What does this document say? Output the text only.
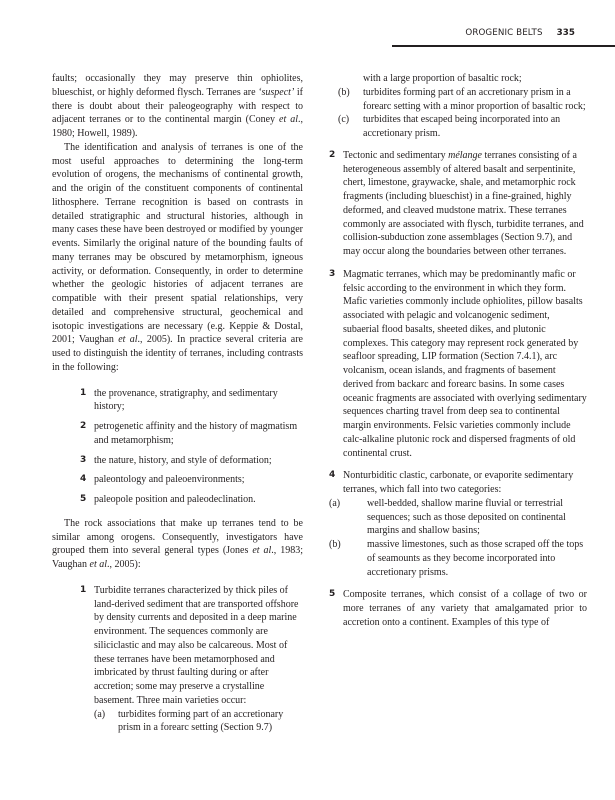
OROGENIC BELTS 335

faults; occasionally they may preserve thin ophiolites, blueschist, or highly deformed flysch. Terranes are ‘suspect’ if there is doubt about their paleogeography with respect to adjacent terranes or to the continental margin (Coney et al., 1980; Howell, 1989).

The identification and analysis of terranes is one of the most useful approaches to determining the long-term evolution of orogens, the mechanisms of continental growth, and the origin of the constituent components of continental lithosphere. Terrane recognition is based on contrasts in detailed stratigraphic and structural histories, although in many cases these have been destroyed or modified by younger events. Similarly the original nature of the bounding faults of many terranes may be obscured by metamorphism, igneous activity, or deformation. Consequently, in order to determine whether the geologic histories of adjacent terranes are compatible with their present spatial relationships, very detailed and comprehensive structural, geochemical and isotopic investigations are necessary (e.g. Keppie & Dostal, 2001; Vaughan et al., 2005). In practice several criteria are used to distinguish the identity of terranes, including contrasts in the following:

1 the provenance, stratigraphy, and sedimentary history;
2 petrogenetic affinity and the history of magmatism and metamorphism;
3 the nature, history, and style of deformation;
4 paleontology and paleoenvironments;
5 paleopole position and paleodeclination.

The rock associations that make up terranes tend to be similar among orogens. Consequently, investigators have grouped them into several general types (Jones et al., 1983; Vaughan et al., 2005):

1 Turbidite terranes characterized by thick piles of land-derived sediment that are transported offshore by density currents and deposited in a deep marine environment. The sequences commonly are siliciclastic and may also be calcareous. Most of these terranes have been metamorphosed and imbricated by thrust faulting during or after accretion; some may preserve a crystalline basement. Three main varieties occur:
(a) turbidites forming part of an accretionary prism in a forearc setting (Section 9.7)
with a large proportion of basaltic rock;
(b) turbidites forming part of an accretionary prism in a forearc setting with a minor proportion of basaltic rock;
(c) turbidites that escaped being incorporated into an accretionary prism.
2 Tectonic and sedimentary mélange terranes consisting of a heterogeneous assembly of altered basalt and serpentinite, chert, limestone, graywacke, shale, and metamorphic rock fragments (including blueschist) in a fine-grained, highly deformed, and cleaved mudstone matrix. These terranes commonly are associated with flysch, turbidite terranes, and collision-subduction zone assemblages (Section 9.7), and may occur along the boundaries between other terranes.
3 Magmatic terranes, which may be predominantly mafic or felsic according to the environment in which they form. Mafic varieties commonly include ophiolites, pillow basalts associated with pelagic and volcanogenic sediment, subaerial flood basalts, sheeted dikes, and plutonic complexes. This category may represent rock generated by seafloor spreading, LIP formation (Section 7.4.1), arc volcanism, ocean islands, and fragments of basement derived from backarc and forearc basins. In some cases oceanic fragments are associated with overlying sedimentary sequences charting travel from deep sea to continental margin environments. Felsic varieties commonly include calc-alkaline plutonic rock and dispersed fragments of old continental crust.
4 Nonturbiditic clastic, carbonate, or evaporite sedimentary terranes, which fall into two categories:
(a)	well-bedded, shallow marine fluvial or terrestrial sequences; such as those deposited on continental margins and shallow basins;
(b)	massive limestones, such as those scraped off the tops of seamounts as they become incorporated into accretionary prisms.
5 Composite terranes, which consist of a collage of two or more terranes of any variety that amalgamated prior to accretion onto a continent. Examples of this type of
